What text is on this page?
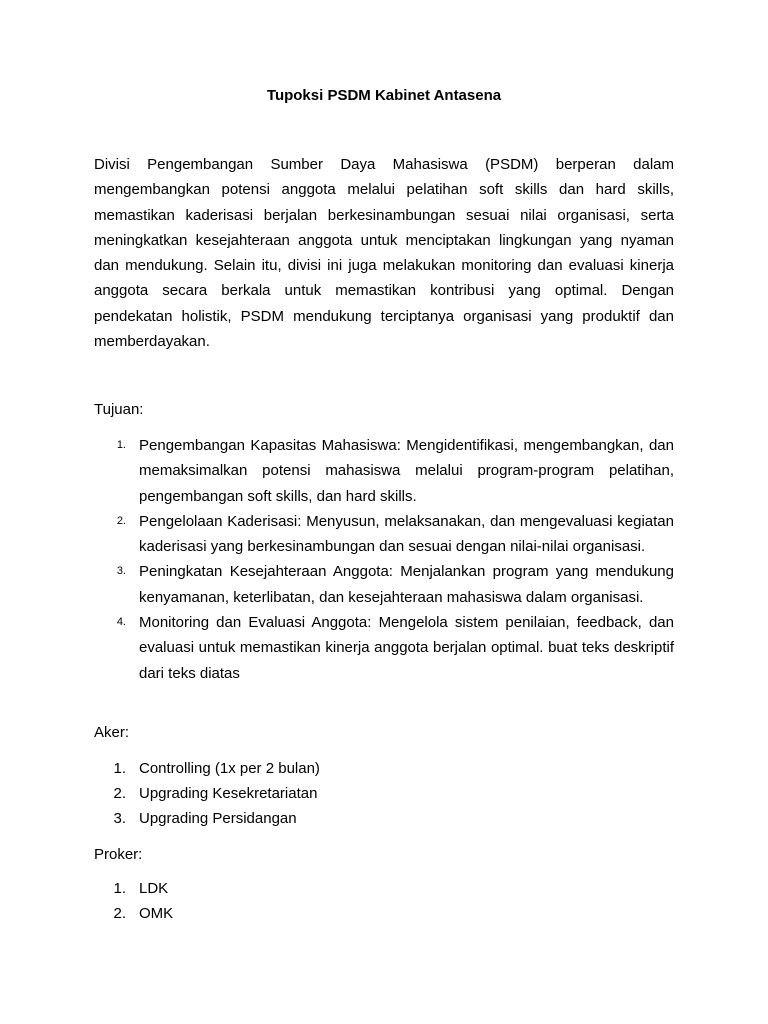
Tupoksi PSDM Kabinet Antasena

Divisi Pengembangan Sumber Daya Mahasiswa (PSDM) berperan dalam mengembangkan potensi anggota melalui pelatihan soft skills dan hard skills, memastikan kaderisasi berjalan berkesinambungan sesuai nilai organisasi, serta meningkatkan kesejahteraan anggota untuk menciptakan lingkungan yang nyaman dan mendukung. Selain itu, divisi ini juga melakukan monitoring dan evaluasi kinerja anggota secara berkala untuk memastikan kontribusi yang optimal. Dengan pendekatan holistik, PSDM mendukung terciptanya organisasi yang produktif dan memberdayakan.

Tujuan:

1. Pengembangan Kapasitas Mahasiswa: Mengidentifikasi, mengembangkan, dan memaksimalkan potensi mahasiswa melalui program-program pelatihan, pengembangan soft skills, dan hard skills.
2. Pengelolaan Kaderisasi: Menyusun, melaksanakan, dan mengevaluasi kegiatan kaderisasi yang berkesinambungan dan sesuai dengan nilai-nilai organisasi.
3. Peningkatan Kesejahteraan Anggota: Menjalankan program yang mendukung kenyamanan, keterlibatan, dan kesejahteraan mahasiswa dalam organisasi.
4. Monitoring dan Evaluasi Anggota: Mengelola sistem penilaian, feedback, dan evaluasi untuk memastikan kinerja anggota berjalan optimal. buat teks deskriptif dari teks diatas

Aker:

1. Controlling (1x per 2 bulan)
2. Upgrading Kesekretariatan
3. Upgrading Persidangan

Proker:

1. LDK
2. OMK
